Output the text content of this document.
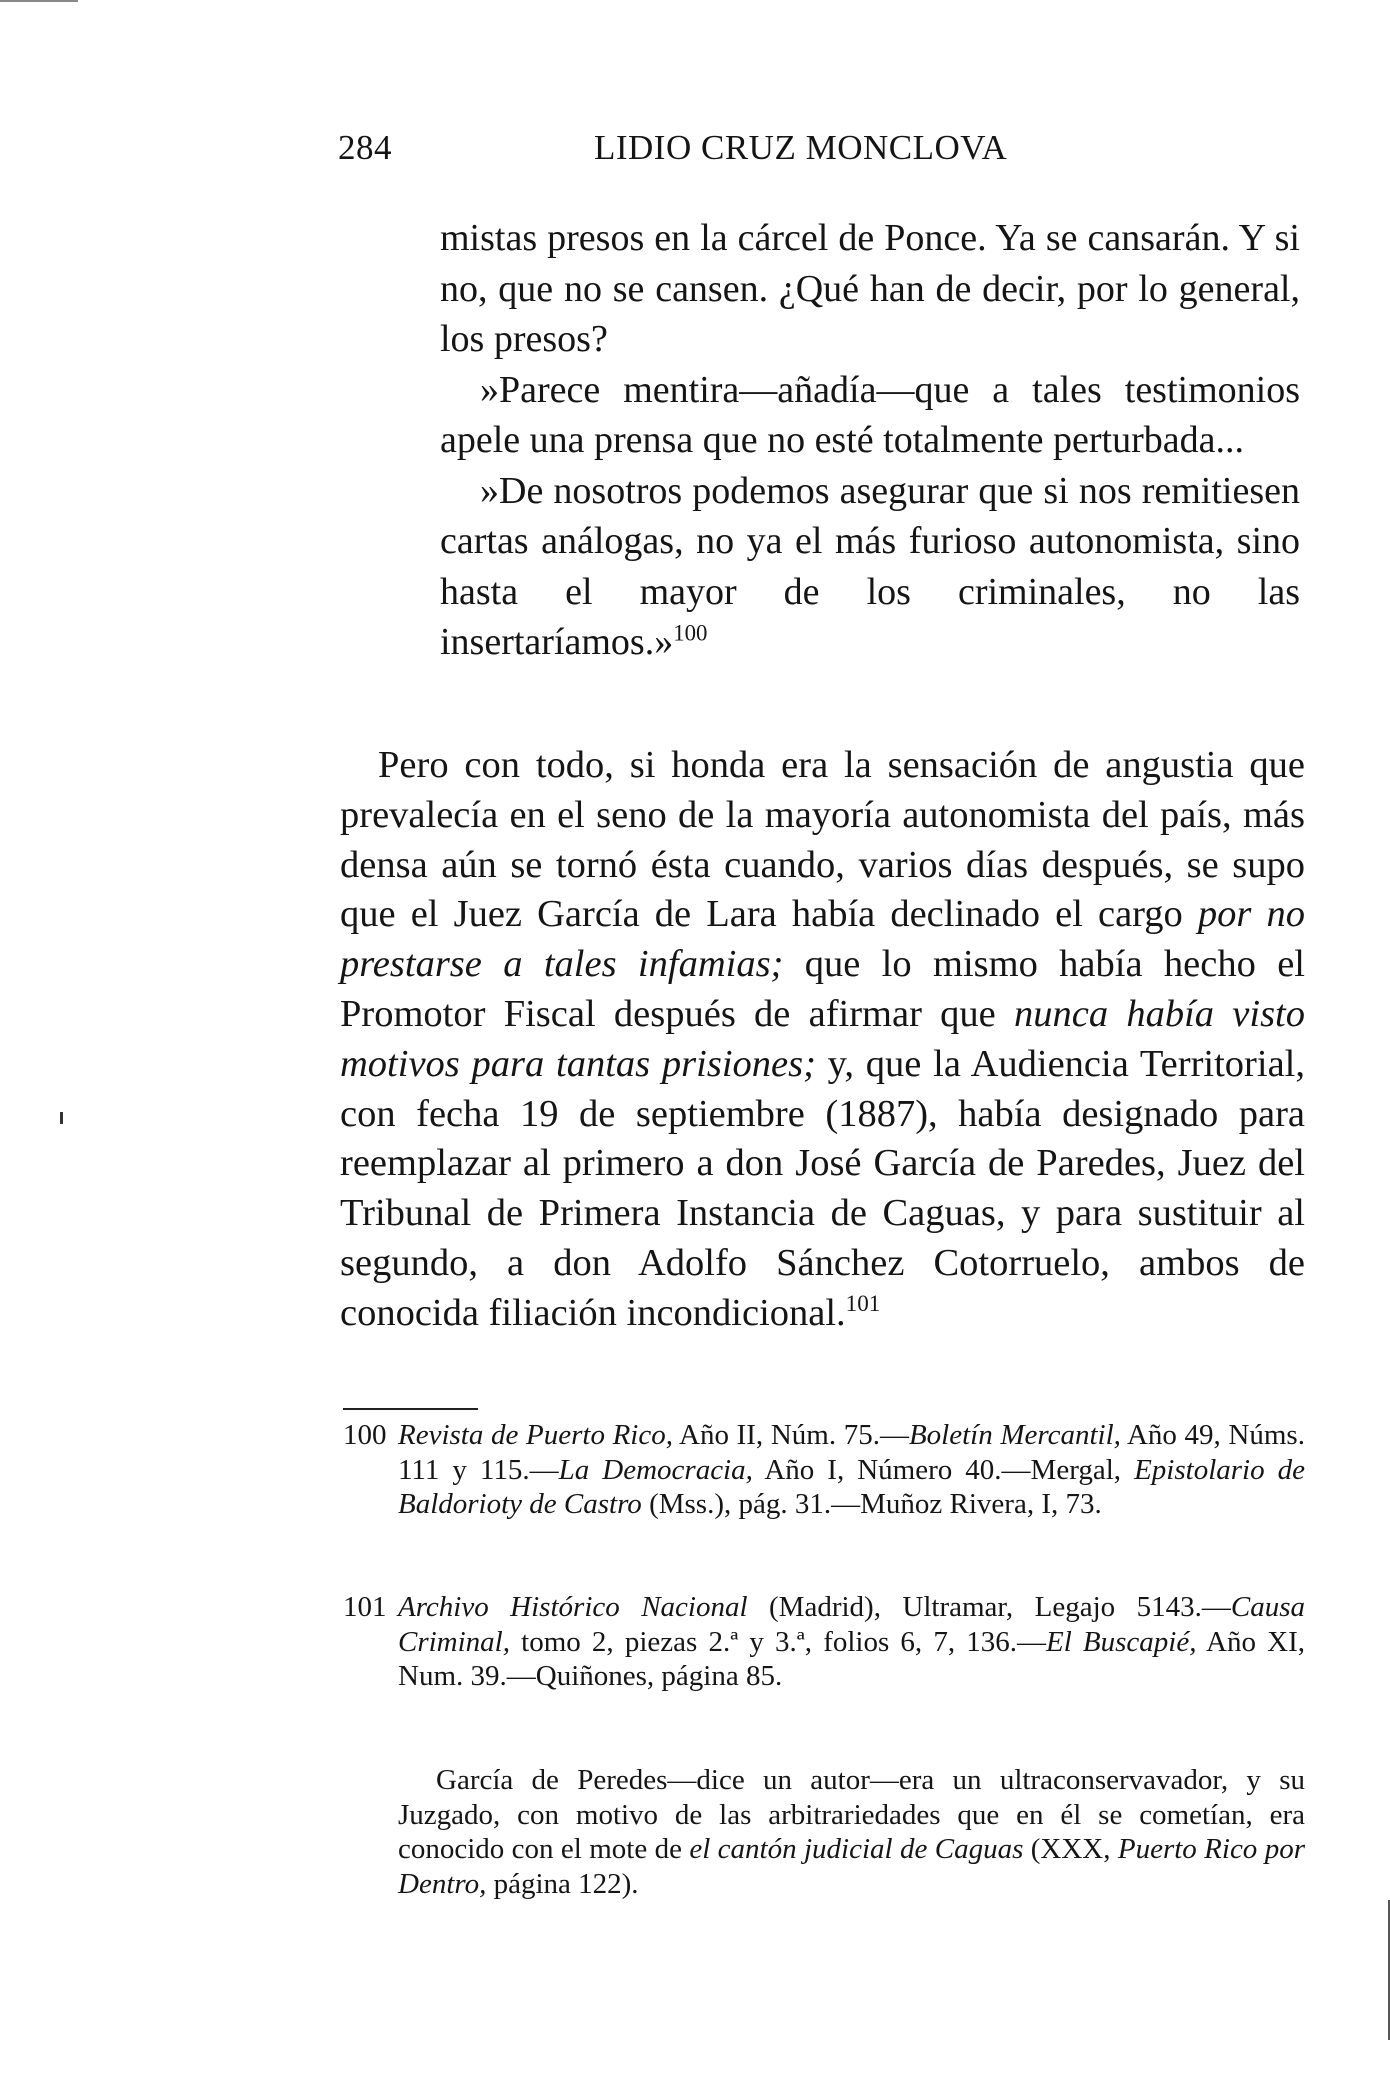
284	LIDIO CRUZ MONCLOVA

mistas presos en la cárcel de Ponce. Ya se cansarán. Y si no, que no se cansen. ¿Qué han de decir, por lo general, los presos?

»Parece mentira—añadía—que a tales testimonios apele una prensa que no esté totalmente perturbada...

»De nosotros podemos asegurar que si nos remitiesen cartas análogas, no ya el más furioso autonomista, sino hasta el mayor de los criminales, no las insertaríamos.»$^{100}$

Pero con todo, si honda era la sensación de angustia que prevalecía en el seno de la mayoría autonomista del país, más densa aún se tornó ésta cuando, varios días después, se supo que el Juez García de Lara había declinado el cargo por no prestarse a tales infamias; que lo mismo había hecho el Promotor Fiscal después de afirmar que nunca había visto motivos para tantas prisiones; y, que la Audiencia Territorial, con fecha 19 de septiembre (1887), había designado para reemplazar al primero a don José García de Paredes, Juez del Tribunal de Primera Instancia de Caguas, y para sustituir al segundo, a don Adolfo Sánchez Cotorruelo, ambos de conocida filiación incondicional.$^{101}$

100 Revista de Puerto Rico, Año II, Núm. 75.—Boletín Mercantil, Año 49, Núms. 111 y 115.—La Democracia, Año I, Número 40.—Mergal, Epistolario de Baldorioty de Castro (Mss.), pág. 31.—Muñoz Rivera, I, 73.
101 Archivo Histórico Nacional (Madrid), Ultramar, Legajo 5143.—Causa Criminal, tomo 2, piezas 2.ª y 3.ª, folios 6, 7, 136.—El Buscapié, Año XI, Num. 39.—Quiñones, página 85.
García de Peredes—dice un autor—era un ultraconservavador, y su Juzgado, con motivo de las arbitrariedades que en él se cometían, era conocido con el mote de el cantón judicial de Caguas (XXX, Puerto Rico por Dentro, página 122).
